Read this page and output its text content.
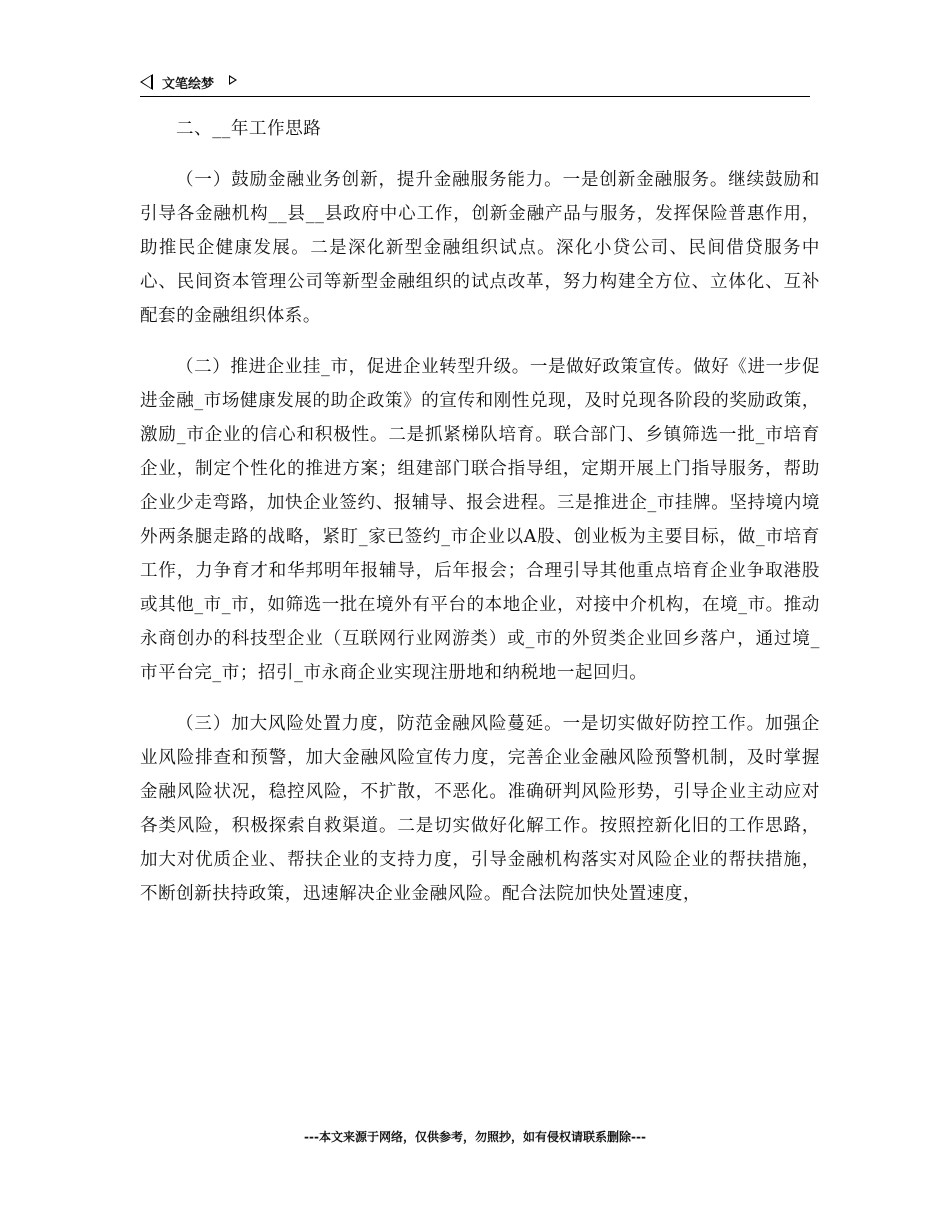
文笔绘梦

二、__年工作思路

（一）鼓励金融业务创新，提升金融服务能力。一是创新金融服务。继续鼓励和引导各金融机构__县__县政府中心工作，创新金融产品与服务，发挥保险普惠作用，助推民企健康发展。二是深化新型金融组织试点。深化小贷公司、民间借贷服务中心、民间资本管理公司等新型金融组织的试点改革，努力构建全方位、立体化、互补配套的金融组织体系。

（二）推进企业挂_市，促进企业转型升级。一是做好政策宣传。做好《进一步促进金融_市场健康发展的助企政策》的宣传和刚性兑现，及时兑现各阶段的奖励政策，激励_市企业的信心和积极性。二是抓紧梯队培育。联合部门、乡镇筛选一批_市培育企业，制定个性化的推进方案；组建部门联合指导组，定期开展上门指导服务，帮助企业少走弯路，加快企业签约、报辅导、报会进程。三是推进企_市挂牌。坚持境内境外两条腿走路的战略，紧盯_家已签约_市企业以A股、创业板为主要目标，做_市培育工作，力争育才和华邦明年报辅导，后年报会；合理引导其他重点培育企业争取港股或其他_市_市，如筛选一批在境外有平台的本地企业，对接中介机构，在境_市。推动永商创办的科技型企业（互联网行业网游类）或_市的外贸类企业回乡落户，通过境_市平台完_市；招引_市永商企业实现注册地和纳税地一起回归。

（三）加大风险处置力度，防范金融风险蔓延。一是切实做好防控工作。加强企业风险排查和预警，加大金融风险宣传力度，完善企业金融风险预警机制，及时掌握金融风险状况，稳控风险，不扩散，不恶化。准确研判风险形势，引导企业主动应对各类风险，积极探索自救渠道。二是切实做好化解工作。按照控新化旧的工作思路，加大对优质企业、帮扶企业的支持力度，引导金融机构落实对风险企业的帮扶措施，不断创新扶持政策，迅速解决企业金融风险。配合法院加快处置速度，

---本文来源于网络，仅供参考，勿照抄，如有侵权请联系删除---
